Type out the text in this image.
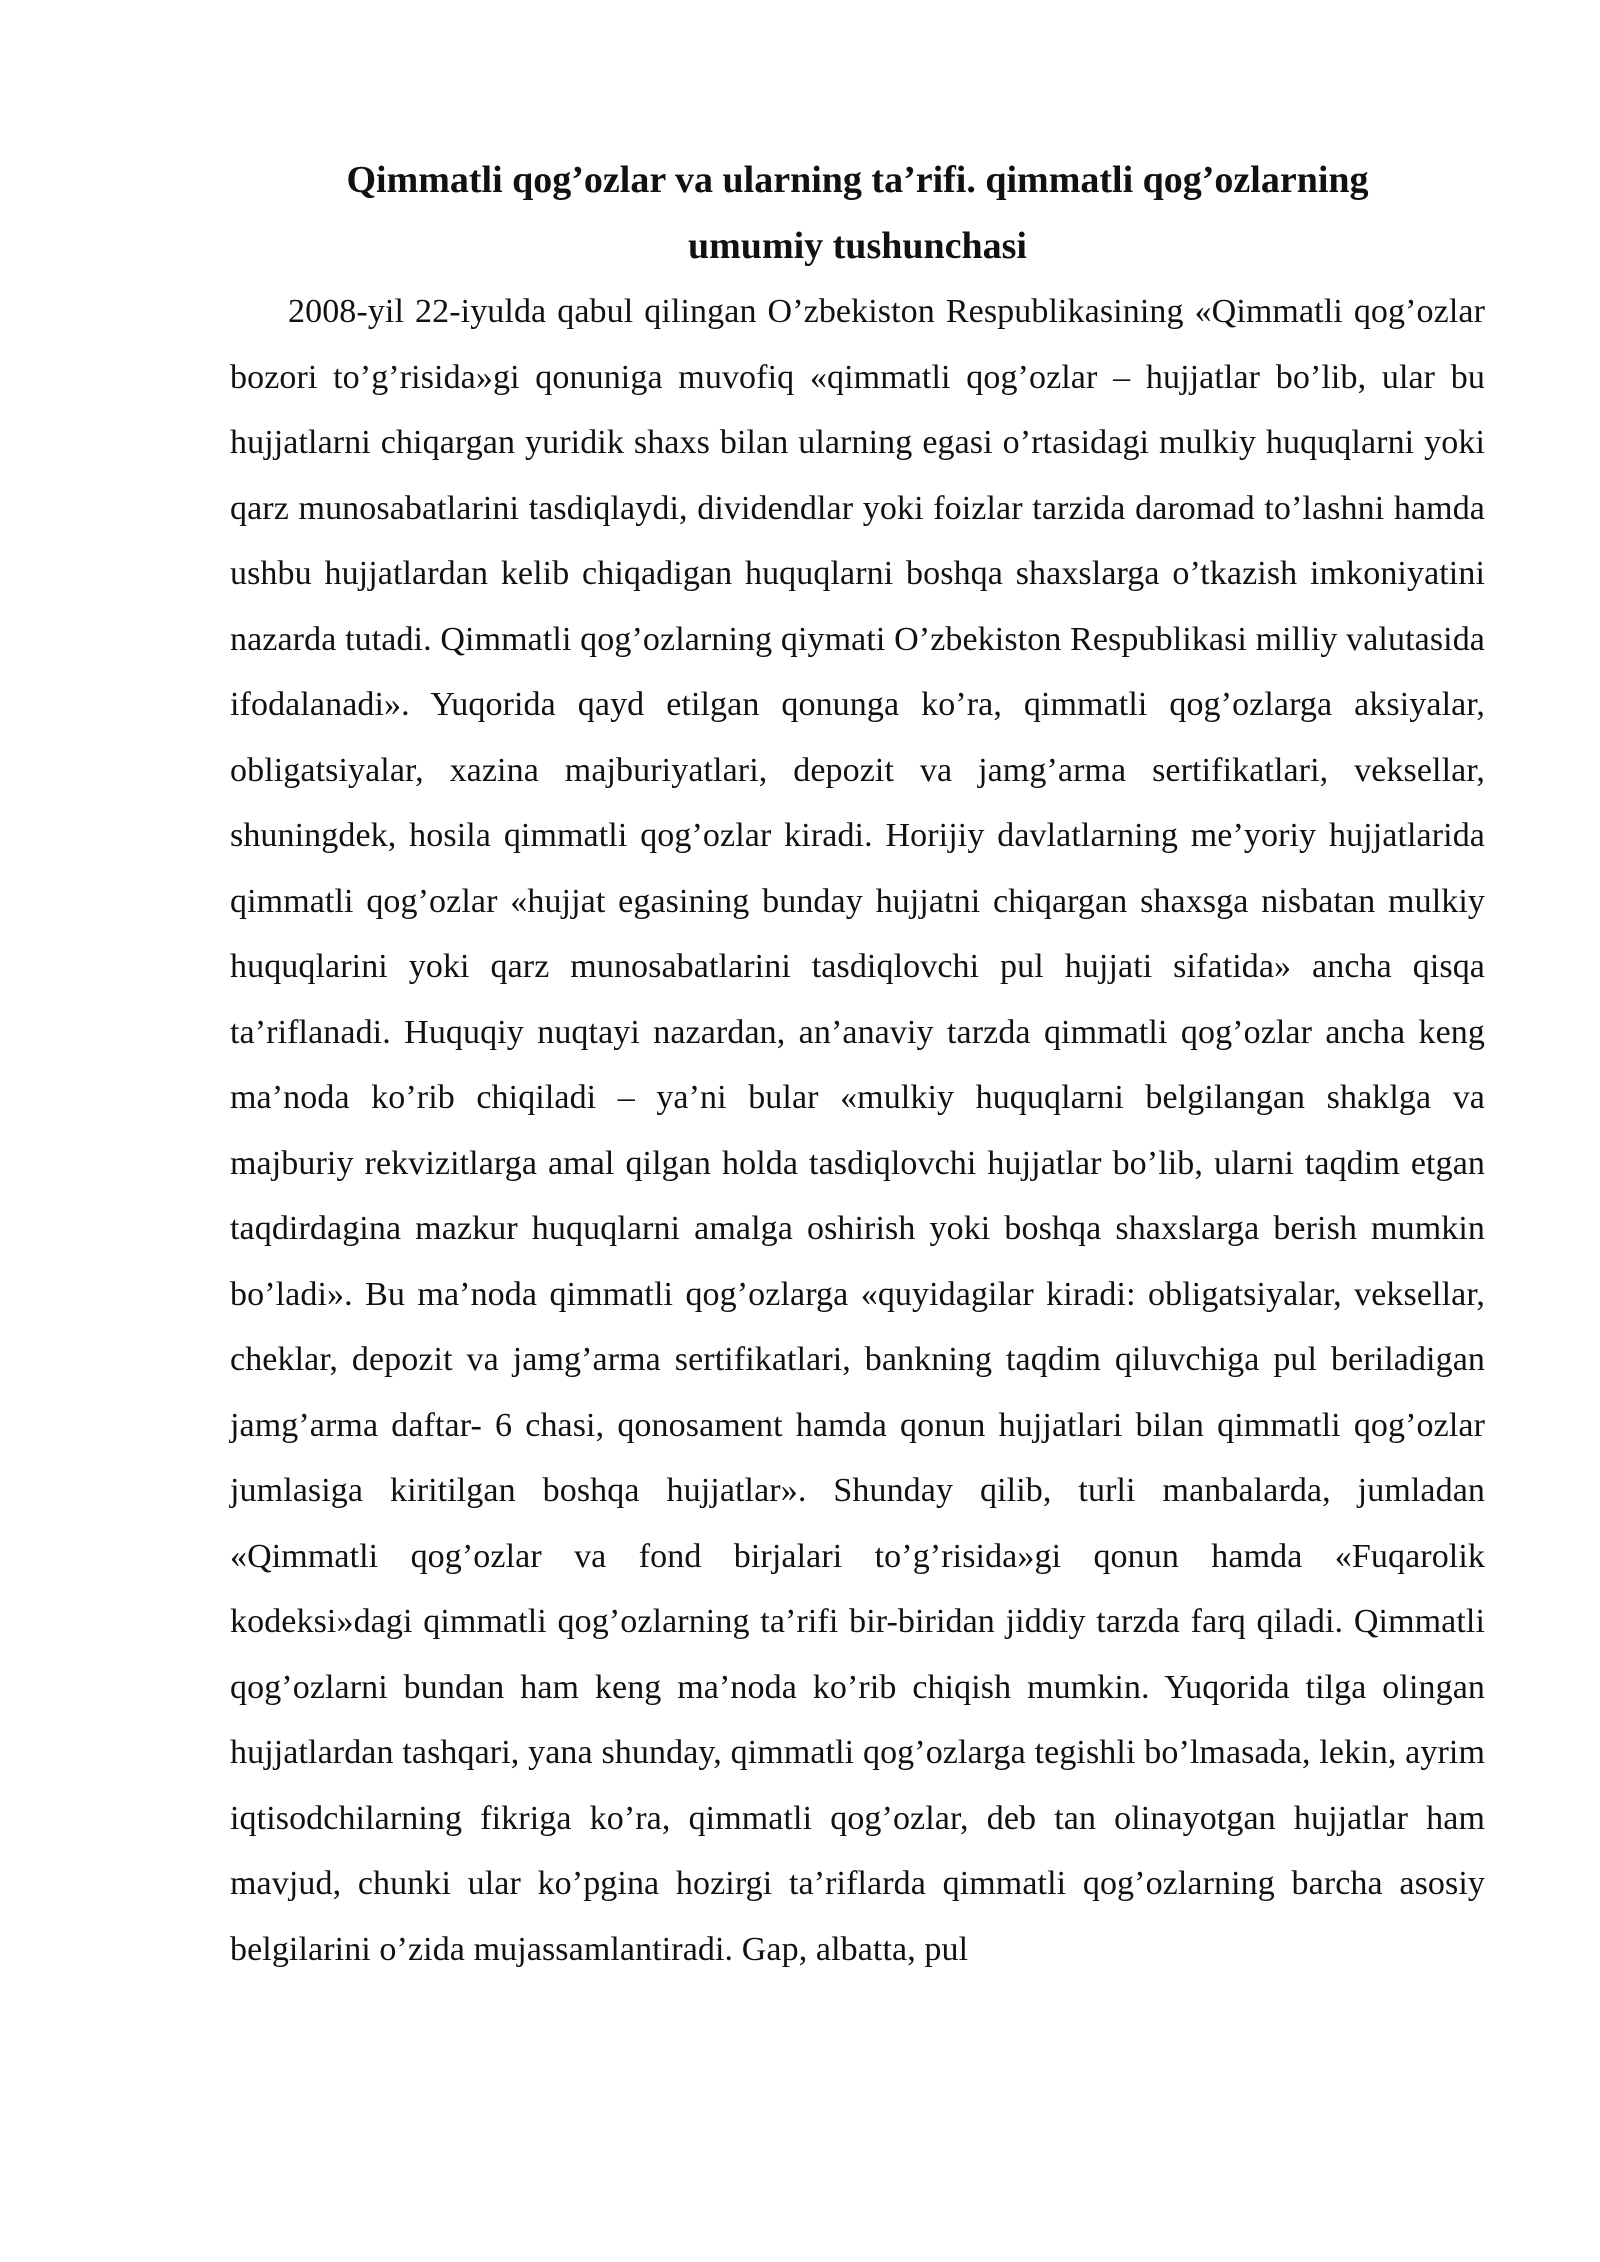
Qimmatli qog’ozlar va ularning ta’rifi. qimmatli qog’ozlarning
umumiy tushunchasi

2008-yil 22-iyulda qabul qilingan O’zbekiston Respublikasining «Qimmatli qog’ozlar bozori to’g’risida»gi qonuniga muvofiq «qimmatli qog’ozlar – hujjatlar bo’lib, ular bu hujjatlarni chiqargan yuridik shaxs bilan ularning egasi o’rtasidagi mulkiy huquqlarni yoki qarz munosabatlarini tasdiqlaydi, dividendlar yoki foizlar tarzida daromad to’lashni hamda ushbu hujjatlardan kelib chiqadigan huquqlarni boshqa shaxslarga o’tkazish imkoniyatini nazarda tutadi. Qimmatli qog’ozlarning qiymati O’zbekiston Respublikasi milliy valutasida ifodalanadi». Yuqorida qayd etilgan qonunga ko’ra, qimmatli qog’ozlarga aksiyalar, obligatsiyalar, xazina majburiyatlari, depozit va jamg’arma sertifikatlari, veksellar, shuningdek, hosila qimmatli qog’ozlar kiradi. Horijiy davlatlarning me’yoriy hujjatlarida qimmatli qog’ozlar «hujjat egasining bunday hujjatni chiqargan shaxsga nisbatan mulkiy huquqlarini yoki qarz munosabatlarini tasdiqlovchi pul hujjati sifatida» ancha qisqa ta’riflanadi. Huquqiy nuqtayi nazardan, an’anaviy tarzda qimmatli qog’ozlar ancha keng ma’noda ko’rib chiqiladi – ya’ni bular «mulkiy huquqlarni belgilangan shaklga va majburiy rekvizitlarga amal qilgan holda tasdiqlovchi hujjatlar bo’lib, ularni taqdim etgan taqdirdagina mazkur huquqlarni amalga oshirish yoki boshqa shaxslarga berish mumkin bo’ladi». Bu ma’noda qimmatli qog’ozlarga «quyidagilar kiradi: obligatsiyalar, veksellar, cheklar, depozit va jamg’arma sertifikatlari, bankning taqdim qiluvchiga pul beriladigan jamg’arma daftar- 6 chasi, qonosament hamda qonun hujjatlari bilan qimmatli qog’ozlar jumlasiga kiritilgan boshqa hujjatlar». Shunday qilib, turli manbalarda, jumladan «Qimmatli qog’ozlar va fond birjalari to’g’risida»gi qonun hamda «Fuqarolik kodeksi»dagi qimmatli qog’ozlarning ta’rifi bir-biridan jiddiy tarzda farq qiladi. Qimmatli qog’ozlarni bundan ham keng ma’noda ko’rib chiqish mumkin. Yuqorida tilga olingan hujjatlardan tashqari, yana shunday, qimmatli qog’ozlarga tegishli bo’lmasada, lekin, ayrim iqtisodchilarning fikriga ko’ra, qimmatli qog’ozlar, deb tan olinayotgan hujjatlar ham mavjud, chunki ular ko’pgina hozirgi ta’riflarda qimmatli qog’ozlarning barcha asosiy belgilarini o’zida mujassamlantiradi. Gap, albatta, pul
